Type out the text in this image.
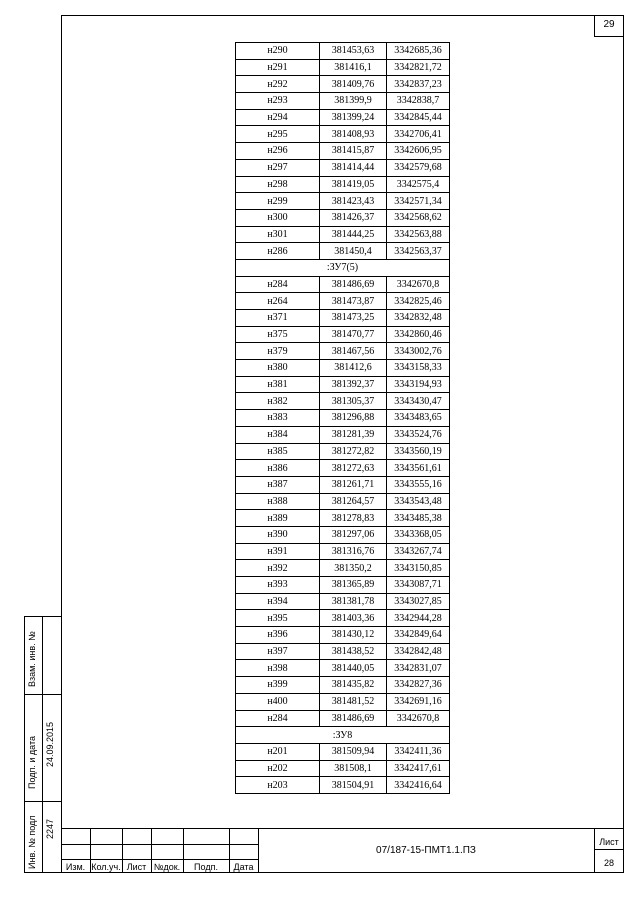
29
н290	381453,63	3342685,36
н291	381416,1	3342821,72
н292	381409,76	3342837,23
н293	381399,9	3342838,7
н294	381399,24	3342845,44
н295	381408,93	3342706,41
н296	381415,87	3342606,95
н297	381414,44	3342579,68
н298	381419,05	3342575,4
н299	381423,43	3342571,34
н300	381426,37	3342568,62
н301	381444,25	3342563,88
н286	381450,4	3342563,37
:ЗУ7(5)		
н284	381486,69	3342670,8
н264	381473,87	3342825,46
н371	381473,25	3342832,48
н375	381470,77	3342860,46
н379	381467,56	3343002,76
н380	381412,6	3343158,33
н381	381392,37	3343194,93
н382	381305,37	3343430,47
н383	381296,88	3343483,65
н384	381281,39	3343524,76
н385	381272,82	3343560,19
н386	381272,63	3343561,61
н387	381261,71	3343555,16
н388	381264,57	3343543,48
н389	381278,83	3343485,38
н390	381297,06	3343368,05
н391	381316,76	3343267,74
н392	381350,2	3343150,85
н393	381365,89	3343087,71
н394	381381,78	3343027,85
н395	381403,36	3342944,28
н396	381430,12	3342849,64
н397	381438,52	3342842,48
н398	381440,05	3342831,07
н399	381435,82	3342827,36
н400	381481,52	3342691,16
н284	381486,69	3342670,8
:ЗУ8		
н201	381509,94	3342411,36
н202	381508,1	3342417,61
н203	381504,91	3342416,64
Взам. инв. №
Подп. и дата 24.09.2015
Инв. № подл 2247
Изм. Кол.уч. Лист №док.	Подп.	Дата
07/187-15-ПМТ1.1.ПЗ
Лист
28
